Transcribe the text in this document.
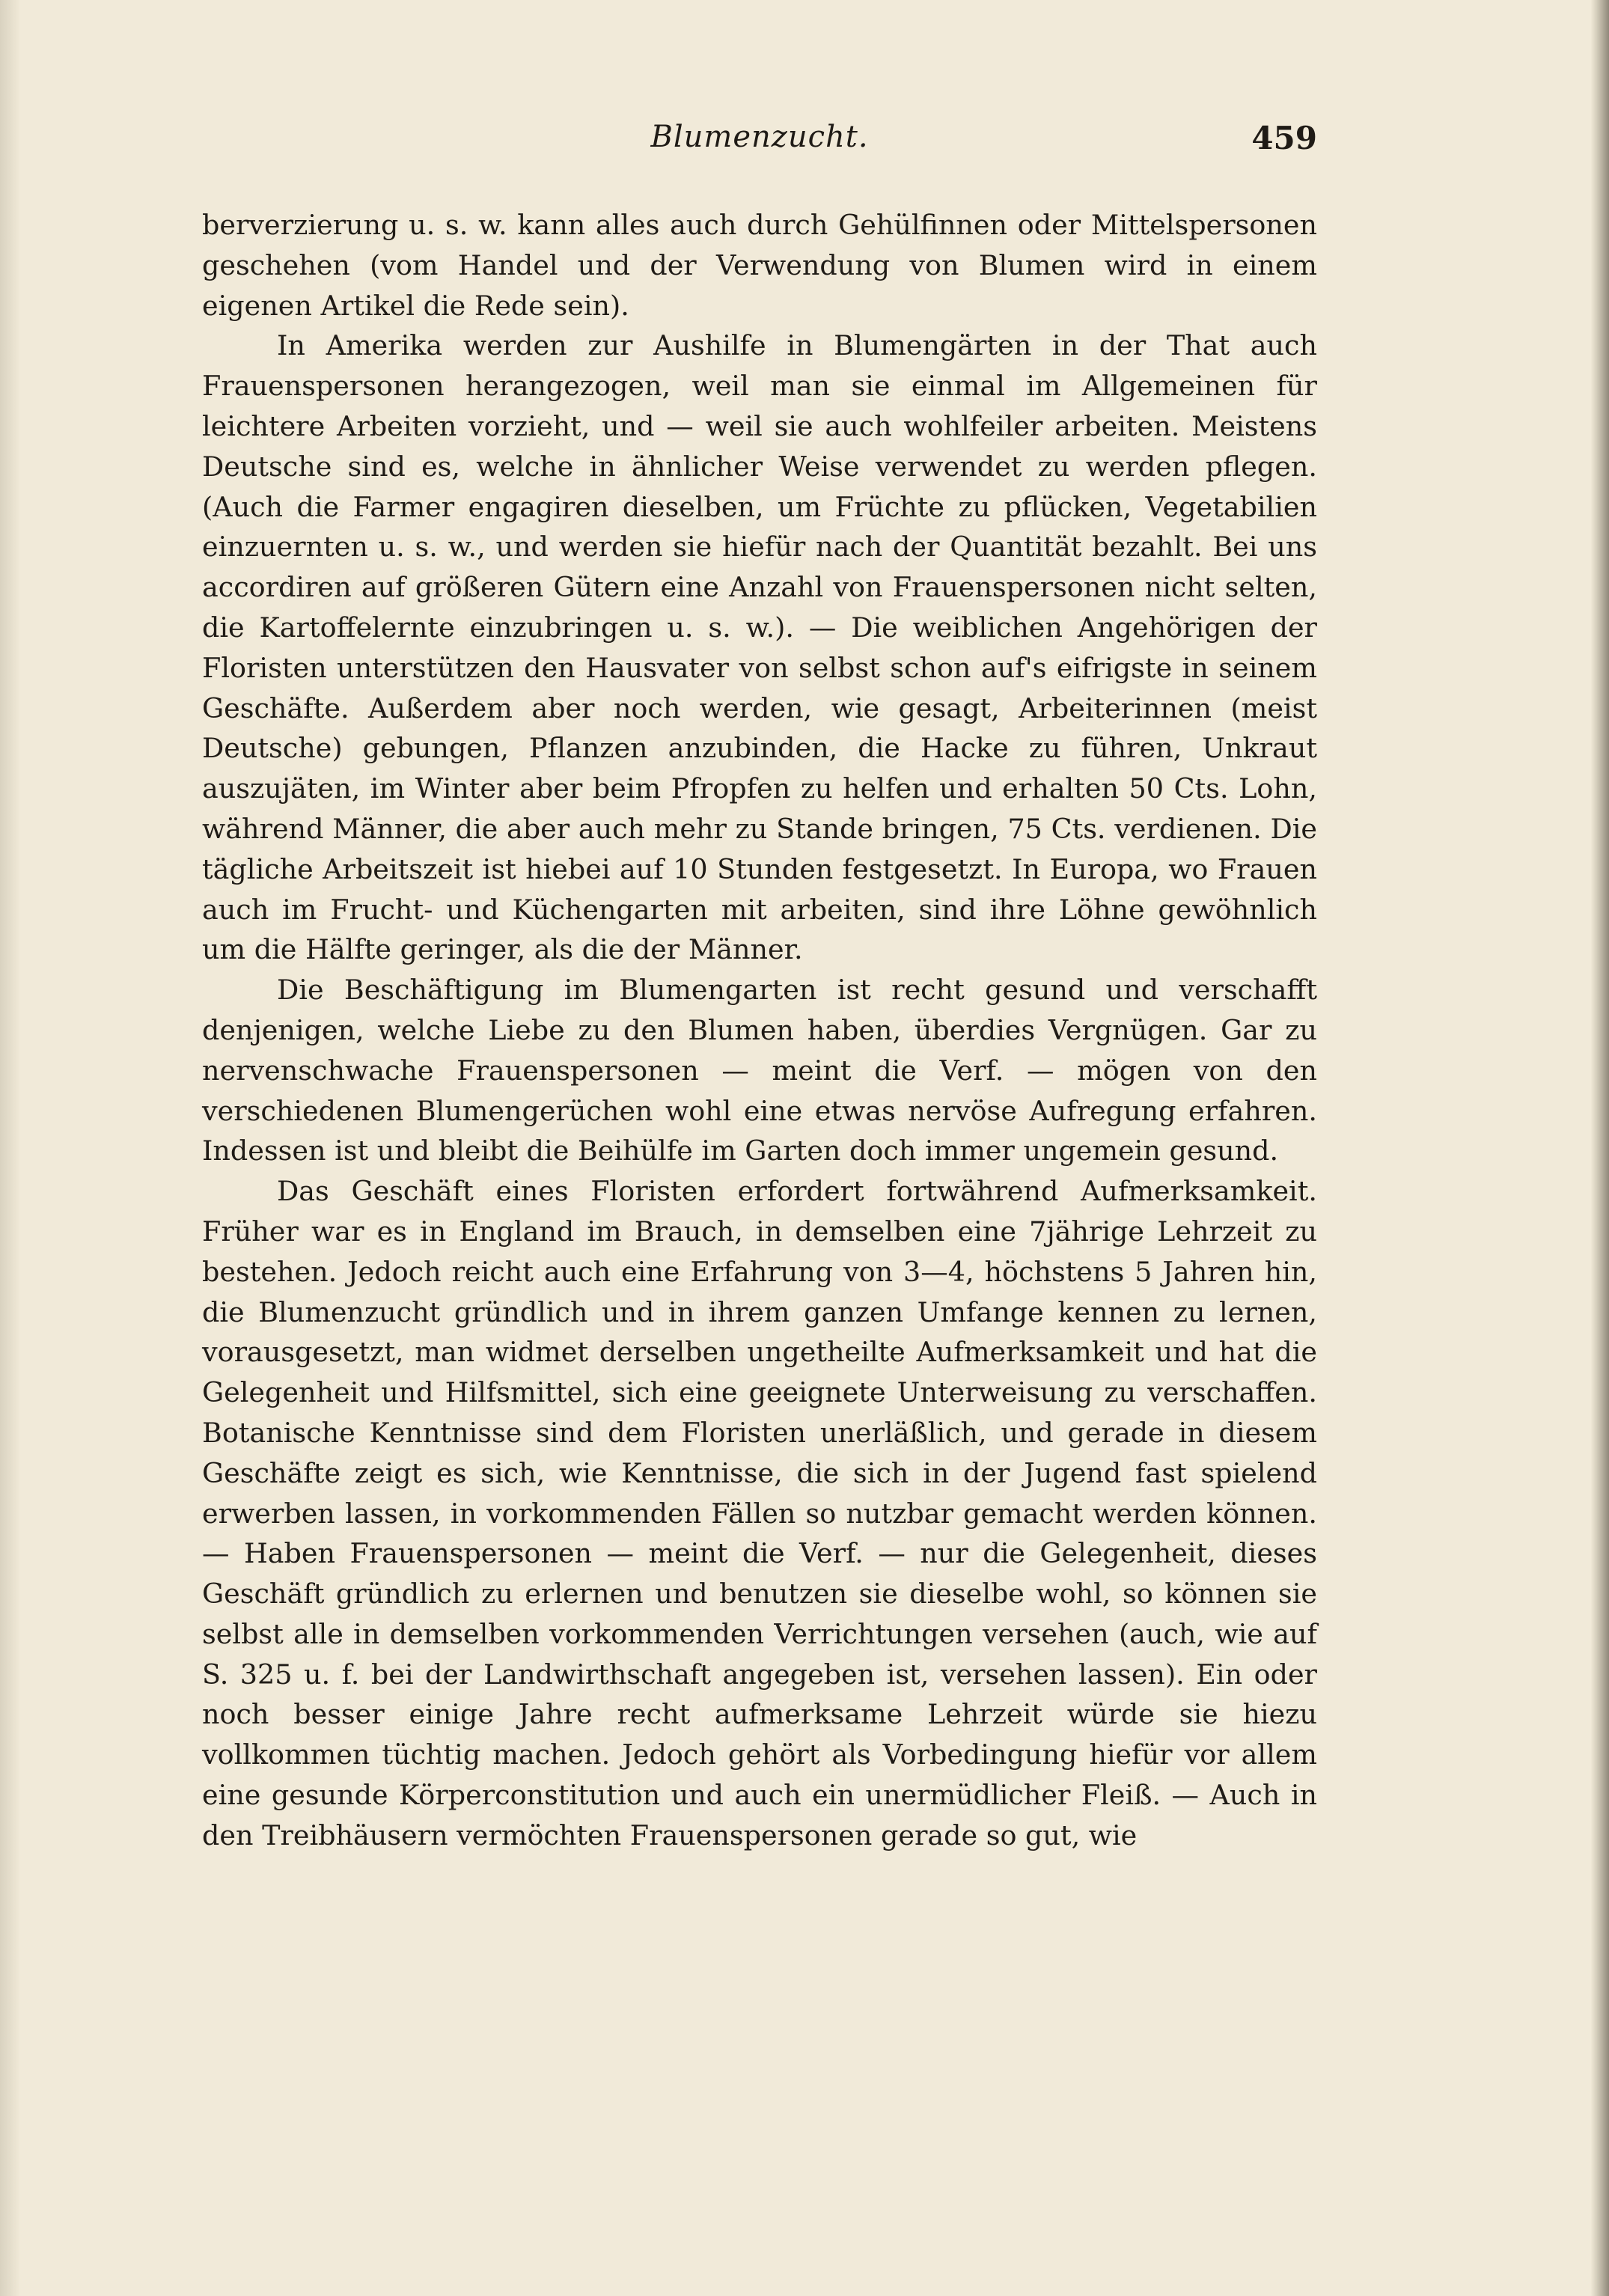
Blumenzucht.	459

berverzierung u. s. w. kann alles auch durch Gehülfinnen oder Mittelspersonen geschehen (vom Handel und der Verwendung von Blumen wird in einem eigenen Artikel die Rede sein).

In Amerika werden zur Aushilfe in Blumengärten in der That auch Frauenspersonen herangezogen, weil man sie einmal im Allgemeinen für leichtere Arbeiten vorzieht, und — weil sie auch wohlfeiler arbeiten. Meistens Deutsche sind es, welche in ähnlicher Weise verwendet zu werden pflegen. (Auch die Farmer engagiren dieselben, um Früchte zu pflücken, Vegetabilien einzuernten u. s. w., und werden sie hiefür nach der Quantität bezahlt. Bei uns accordiren auf größeren Gütern eine Anzahl von Frauenspersonen nicht selten, die Kartoffelernte einzubringen u. s. w.). — Die weiblichen Angehörigen der Floristen unterstützen den Hausvater von selbst schon auf's eifrigste in seinem Geschäfte. Außerdem aber noch werden, wie gesagt, Arbeiterinnen (meist Deutsche) gebungen, Pflanzen anzubinden, die Hacke zu führen, Unkraut auszujäten, im Winter aber beim Pfropfen zu helfen und erhalten 50 Cts. Lohn, während Männer, die aber auch mehr zu Stande bringen, 75 Cts. verdienen. Die tägliche Arbeitszeit ist hiebei auf 10 Stunden festgesetzt. In Europa, wo Frauen auch im Frucht- und Küchengarten mit arbeiten, sind ihre Löhne gewöhnlich um die Hälfte geringer, als die der Männer.

Die Beschäftigung im Blumengarten ist recht gesund und verschafft denjenigen, welche Liebe zu den Blumen haben, überdies Vergnügen. Gar zu nervenschwache Frauenspersonen — meint die Verf. — mögen von den verschiedenen Blumengerüchen wohl eine etwas nervöse Aufregung erfahren. Indessen ist und bleibt die Beihülfe im Garten doch immer ungemein gesund.

Das Geschäft eines Floristen erfordert fortwährend Aufmerksamkeit. Früher war es in England im Brauch, in demselben eine 7jährige Lehrzeit zu bestehen. Jedoch reicht auch eine Erfahrung von 3—4, höchstens 5 Jahren hin, die Blumenzucht gründlich und in ihrem ganzen Umfange kennen zu lernen, vorausgesetzt, man widmet derselben ungetheilte Aufmerksamkeit und hat die Gelegenheit und Hilfsmittel, sich eine geeignete Unterweisung zu verschaffen. Botanische Kenntnisse sind dem Floristen unerläßlich, und gerade in diesem Geschäfte zeigt es sich, wie Kenntnisse, die sich in der Jugend fast spielend erwerben lassen, in vorkommenden Fällen so nutzbar gemacht werden können. — Haben Frauenspersonen — meint die Verf. — nur die Gelegenheit, dieses Geschäft gründlich zu erlernen und benutzen sie dieselbe wohl, so können sie selbst alle in demselben vorkommenden Verrichtungen versehen (auch, wie auf S. 325 u. f. bei der Landwirthschaft angegeben ist, versehen lassen). Ein oder noch besser einige Jahre recht aufmerksame Lehrzeit würde sie hiezu vollkommen tüchtig machen. Jedoch gehört als Vorbedingung hiefür vor allem eine gesunde Körperconstitution und auch ein unermüdlicher Fleiß. — Auch in den Treibhäusern vermöchten Frauenspersonen gerade so gut, wie
